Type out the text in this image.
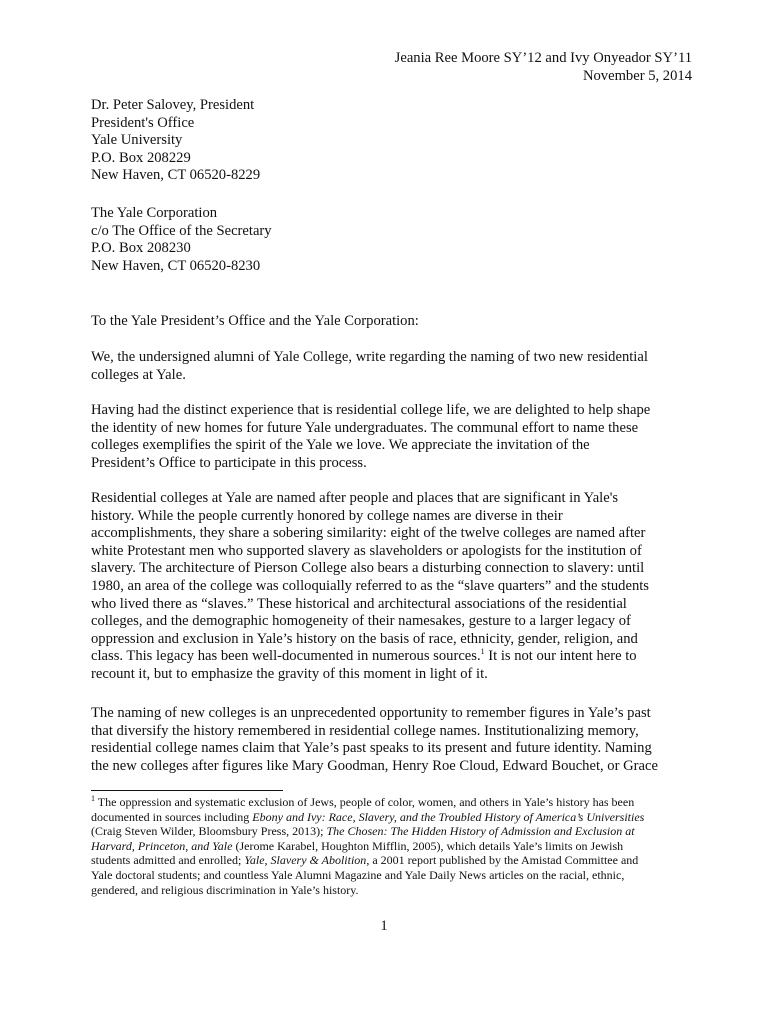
Jeania Ree Moore SY’12 and Ivy Onyeador SY’11
November 5, 2014
Dr. Peter Salovey, President
President's Office
Yale University
P.O. Box 208229
New Haven, CT 06520-8229
The Yale Corporation
c/o The Office of the Secretary
P.O. Box 208230
New Haven, CT 06520-8230

To the Yale President’s Office and the Yale Corporation:

We, the undersigned alumni of Yale College, write regarding the naming of two new residential
colleges at Yale.

Having had the distinct experience that is residential college life, we are delighted to help shape
the identity of new homes for future Yale undergraduates. The communal effort to name these
colleges exemplifies the spirit of the Yale we love. We appreciate the invitation of the
President’s Office to participate in this process.

Residential colleges at Yale are named after people and places that are significant in Yale's
history. While the people currently honored by college names are diverse in their
accomplishments, they share a sobering similarity: eight of the twelve colleges are named after
white Protestant men who supported slavery as slaveholders or apologists for the institution of
slavery. The architecture of Pierson College also bears a disturbing connection to slavery: until
1980, an area of the college was colloquially referred to as the “slave quarters” and the students
who lived there as “slaves.” These historical and architectural associations of the residential
colleges, and the demographic homogeneity of their namesakes, gesture to a larger legacy of
oppression and exclusion in Yale’s history on the basis of race, ethnicity, gender, religion, and
class. This legacy has been well-documented in numerous sources.$^1$ It is not our intent here to
recount it, but to emphasize the gravity of this moment in light of it.

The naming of new colleges is an unprecedented opportunity to remember figures in Yale’s past
that diversify the history remembered in residential college names. Institutionalizing memory,
residential college names claim that Yale’s past speaks to its present and future identity. Naming
the new colleges after figures like Mary Goodman, Henry Roe Cloud, Edward Bouchet, or Grace

$^1$ The oppression and systematic exclusion of Jews, people of color, women, and others in Yale’s history has been
documented in sources including Ebony and Ivy: Race, Slavery, and the Troubled History of America’s Universities
(Craig Steven Wilder, Bloomsbury Press, 2013); The Chosen: The Hidden History of Admission and Exclusion at
Harvard, Princeton, and Yale (Jerome Karabel, Houghton Mifflin, 2005), which details Yale’s limits on Jewish
students admitted and enrolled; Yale, Slavery & Abolition, a 2001 report published by the Amistad Committee and
Yale doctoral students; and countless Yale Alumni Magazine and Yale Daily News articles on the racial, ethnic,
gendered, and religious discrimination in Yale’s history.
1
